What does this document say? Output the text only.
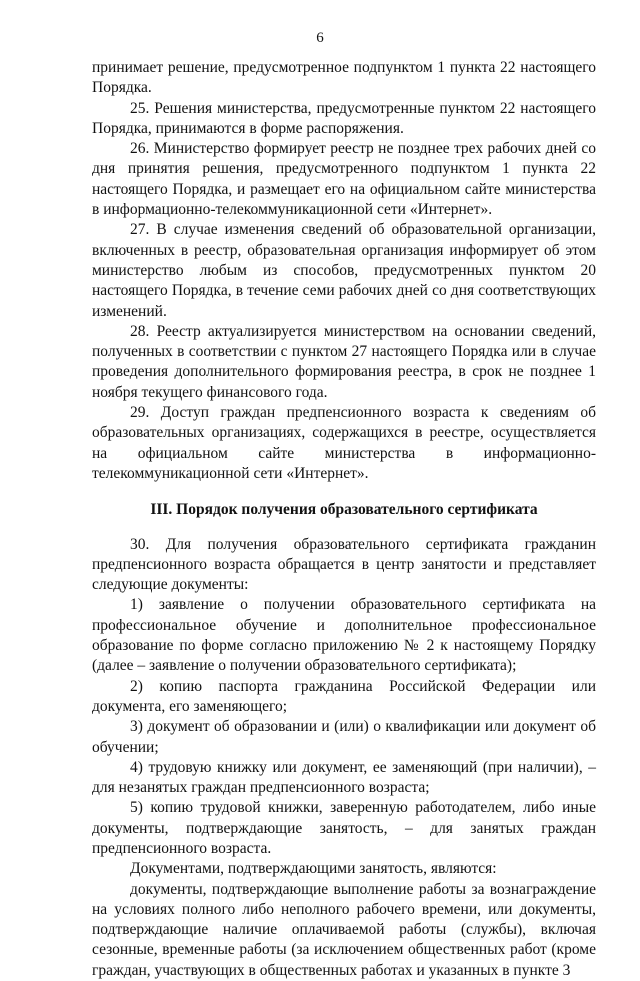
6

принимает решение, предусмотренное подпунктом 1 пункта 22 настоящего Порядка.

25. Решения министерства, предусмотренные пунктом 22 настоящего Порядка, принимаются в форме распоряжения.

26. Министерство формирует реестр не позднее трех рабочих дней со дня принятия решения, предусмотренного подпунктом 1 пункта 22 настоящего Порядка, и размещает его на официальном сайте министерства в информационно-телекоммуникационной сети «Интернет».

27. В случае изменения сведений об образовательной организации, включенных в реестр, образовательная организация информирует об этом министерство любым из способов, предусмотренных пунктом 20 настоящего Порядка, в течение семи рабочих дней со дня соответствующих изменений.

28. Реестр актуализируется министерством на основании сведений, полученных в соответствии с пунктом 27 настоящего Порядка или в случае проведения дополнительного формирования реестра, в срок не позднее 1 ноября текущего финансового года.

29. Доступ граждан предпенсионного возраста к сведениям об образовательных организациях, содержащихся в реестре, осуществляется на официальном сайте министерства в информационно-телекоммуникационной сети «Интернет».

III. Порядок получения образовательного сертификата

30. Для получения образовательного сертификата гражданин предпенсионного возраста обращается в центр занятости и представляет следующие документы:

1) заявление о получении образовательного сертификата на профессиональное обучение и дополнительное профессиональное образование по форме согласно приложению № 2 к настоящему Порядку (далее – заявление о получении образовательного сертификата);

2) копию паспорта гражданина Российской Федерации или документа, его заменяющего;

3) документ об образовании и (или) о квалификации или документ об обучении;

4) трудовую книжку или документ, ее заменяющий (при наличии), – для незанятых граждан предпенсионного возраста;

5) копию трудовой книжки, заверенную работодателем, либо иные документы, подтверждающие занятость, – для занятых граждан предпенсионного возраста.

Документами, подтверждающими занятость, являются:

документы, подтверждающие выполнение работы за вознаграждение на условиях полного либо неполного рабочего времени, или документы, подтверждающие наличие оплачиваемой работы (службы), включая сезонные, временные работы (за исключением общественных работ (кроме граждан, участвующих в общественных работах и указанных в пункте 3
